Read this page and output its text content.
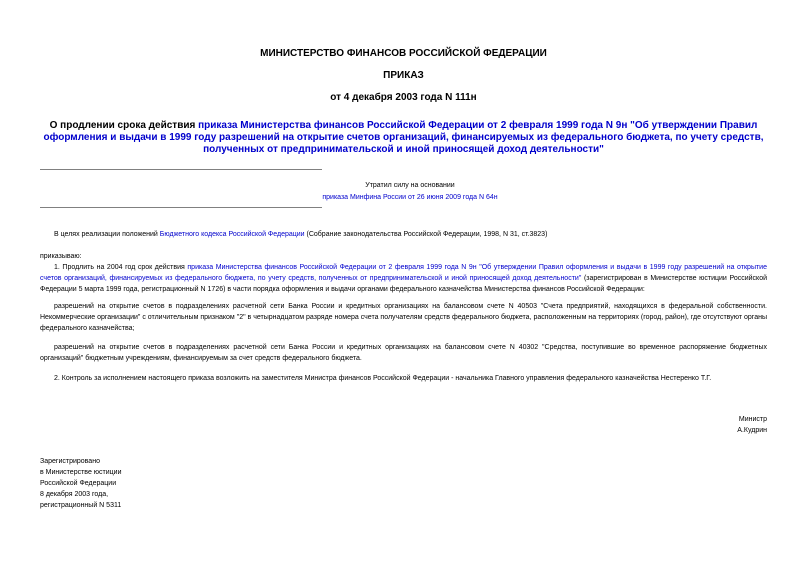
МИНИСТЕРСТВО ФИНАНСОВ РОССИЙСКОЙ ФЕДЕРАЦИИ
ПРИКАЗ
от 4 декабря 2003 года N 111н
О продлении срока действия приказа Министерства финансов Российской Федерации от 2 февраля 1999 года N 9н "Об утверждении Правил оформления и выдачи в 1999 году разрешений на открытие счетов организаций, финансируемых из федерального бюджета, по учету средств, полученных от предпринимательской и иной приносящей доход деятельности"
Утратил силу на основании
приказа Минфина России от 26 июня 2009 года N 64н
В целях реализации положений Бюджетного кодекса Российской Федерации (Собрание законодательства Российской Федерации, 1998, N 31, ст.3823)
приказываю:
1. Продлить на 2004 год срок действия приказа Министерства финансов Российской Федерации от 2 февраля 1999 года N 9н "Об утверждении Правил оформления и выдачи в 1999 году разрешений на открытие счетов организаций, финансируемых из федерального бюджета, по учету средств, полученных от предпринимательской и иной приносящей доход деятельности" (зарегистрирован в Министерстве юстиции Российской Федерации 5 марта 1999 года, регистрационный N 1726) в части порядка оформления и выдачи органами федерального казначейства Министерства финансов Российской Федерации:
разрешений на открытие счетов в подразделениях расчетной сети Банка России и кредитных организациях на балансовом счете N 40503 "Счета предприятий, находящихся в федеральной собственности. Некоммерческие организации" с отличительным признаком "2" в четырнадцатом разряде номера счета получателям средств федерального бюджета, расположенным на территориях (город, район), где отсутствуют органы федерального казначейства;
разрешений на открытие счетов в подразделениях расчетной сети Банка России и кредитных организациях на балансовом счете N 40302 "Средства, поступившие во временное распоряжение бюджетных организаций" бюджетным учреждениям, финансируемым за счет средств федерального бюджета.
2. Контроль за исполнением настоящего приказа возложить на заместителя Министра финансов Российской Федерации - начальника Главного управления федерального казначейства Нестеренко Т.Г.
Министр
А.Кудрин
Зарегистрировано
в Министерстве юстиции
Российской Федерации
8 декабря 2003 года,
регистрационный N 5311
